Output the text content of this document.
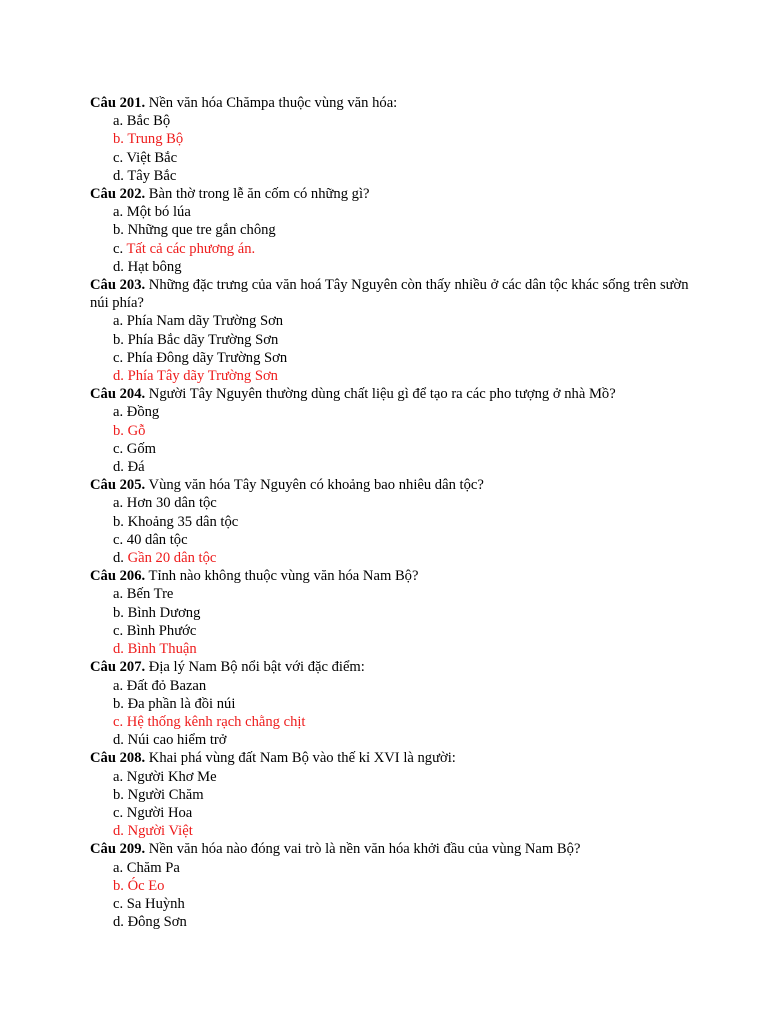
Câu 201. Nền văn hóa Chămpa thuộc vùng văn hóa:

a. Bắc Bộ
b. Trung Bộ
c. Việt Bắc
d. Tây Bắc

Câu 202. Bàn thờ trong lễ ăn cốm có những gì?

a. Một bó lúa
b. Những que tre gắn chông
c. Tất cả các phương án.
d. Hạt bông

Câu 203. Những đặc trưng của văn hoá Tây Nguyên còn thấy nhiều ở các dân tộc khác sống trên sườn núi phía?

a. Phía Nam dãy Trường Sơn
b. Phía Bắc dãy Trường Sơn
c. Phía Đông dãy Trường Sơn
d. Phía Tây dãy Trường Sơn

Câu 204. Người Tây Nguyên thường dùng chất liệu gì để tạo ra các pho tượng ở nhà Mồ?

a. Đồng
b. Gỗ
c. Gốm
d. Đá

Câu 205. Vùng văn hóa Tây Nguyên có khoảng bao nhiêu dân tộc?

a. Hơn 30 dân tộc
b. Khoảng 35 dân tộc
c. 40 dân tộc
d. Gần 20 dân tộc

Câu 206. Tỉnh nào không thuộc vùng văn hóa Nam Bộ?

a. Bến Tre
b. Bình Dương
c. Bình Phước
d. Bình Thuận

Câu 207. Địa lý Nam Bộ nổi bật với đặc điểm:

a. Đất đỏ Bazan
b. Đa phần là đồi núi
c. Hệ thống kênh rạch chằng chịt
d. Núi cao hiểm trở

Câu 208. Khai phá vùng đất Nam Bộ vào thế kỉ XVI là người:

a. Người Khơ Me
b. Người Chăm
c. Người Hoa
d. Người Việt

Câu 209. Nền văn hóa nào đóng vai trò là nền văn hóa khởi đầu của vùng Nam Bộ?

a. Chăm Pa
b. Óc Eo
c. Sa Huỳnh
d. Đông Sơn
